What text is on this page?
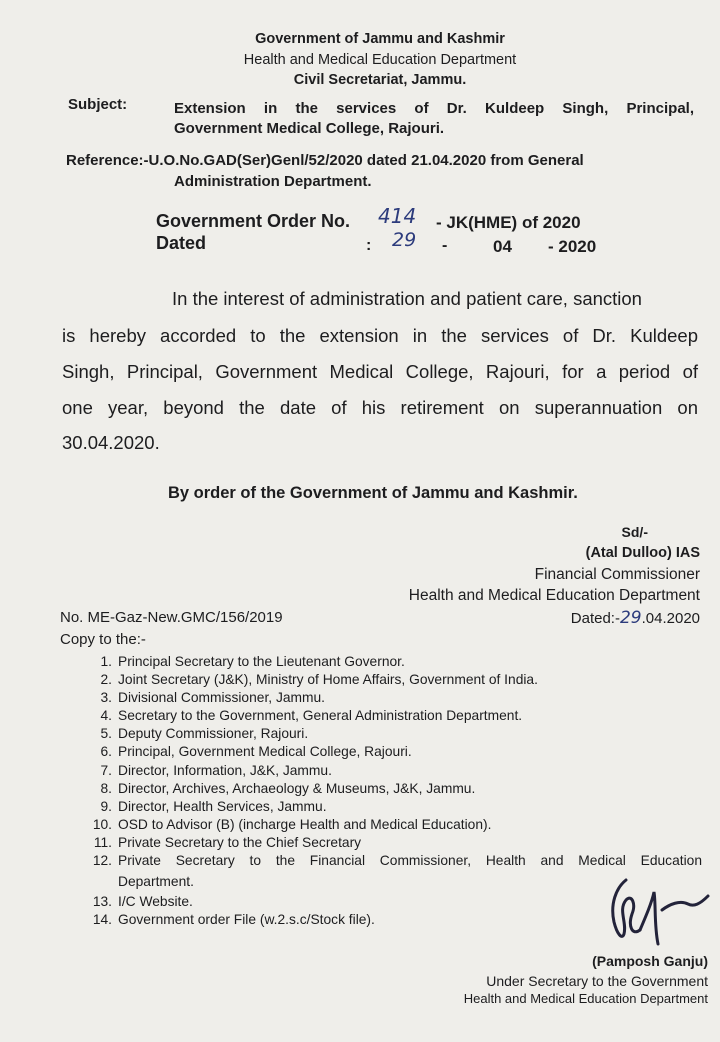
Government of Jammu and Kashmir
Health and Medical Education Department
Civil Secretariat, Jammu.
Subject:	Extension in the services of Dr. Kuldeep Singh, Principal,
Government Medical College, Rajouri.
Reference:-U.O.No.GAD(Ser)Genl/52/2020 dated 21.04.2020 from General
Administration Department.
Government Order No. 414 - JK(HME) of 2020
Dated	: 29 -	04 - 2020
In the interest of administration and patient care, sanction
is hereby accorded to the extension in the services of Dr. Kuldeep
Singh, Principal, Government Medical College, Rajouri, for a period of
one year, beyond the date of his retirement on superannuation on
30.04.2020.
By order of the Government of Jammu and Kashmir.
Sd/-
(Atal Dulloo) IAS
Financial Commissioner
Health and Medical Education Department
No. ME-Gaz-New.GMC/156/2019	Dated:-29.04.2020
Copy to the:-
1. Principal Secretary to the Lieutenant Governor.
2. Joint Secretary (J&K), Ministry of Home Affairs, Government of India.
3. Divisional Commissioner, Jammu.
4. Secretary to the Government, General Administration Department.
5. Deputy Commissioner, Rajouri.
6. Principal, Government Medical College, Rajouri.
7. Director, Information, J&K, Jammu.
8. Director, Archives, Archaeology & Museums, J&K, Jammu.
9. Director, Health Services, Jammu.
10. OSD to Advisor (B) (incharge Health and Medical Education).
11. Private Secretary to the Chief Secretary
12. Private Secretary to the Financial Commissioner, Health and Medical Education
Department.
13. I/C Website.
14. Government order File (w.2.s.c/Stock file).
(Pamposh Ganju)
Under Secretary to the Government
Health and Medical Education Department
